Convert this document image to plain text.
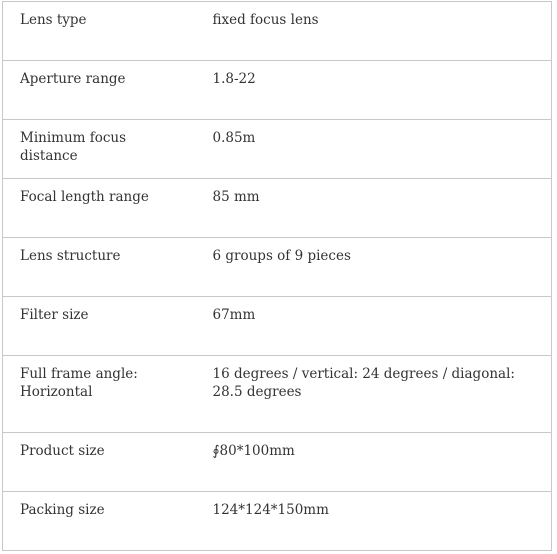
Lens type	fixed focus lens
Aperture range	1.8-22
Minimum focus distance	0.85m
Focal length range	85 mm
Lens structure	6 groups of 9 pieces
Filter size	67mm
Full frame angle: Horizontal	16 degrees / vertical: 24 degrees / diagonal: 28.5 degrees
Product size	∮80*100mm
Packing size	124*124*150mm
